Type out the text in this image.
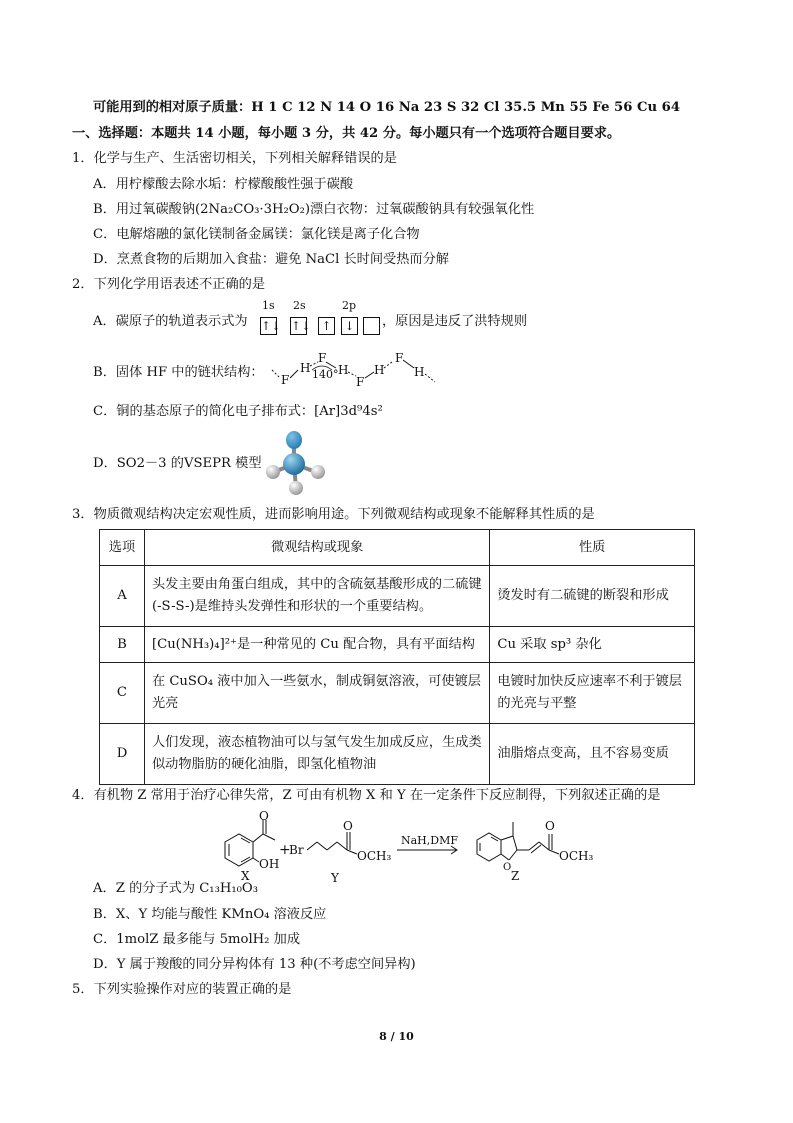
可能用到的相对原子质量：H 1 C 12 N 14 O 16 Na 23 S 32 Cl 35.5 Mn 55 Fe 56 Cu 64
一、选择题：本题共 14 小题，每小题 3 分，共 42 分。每小题只有一个选项符合题目要求。
1．化学与生产、生活密切相关，下列相关解释错误的是
A．用柠檬酸去除水垢：柠檬酸酸性强于碳酸
B．用过氧碳酸钠(2Na₂CO₃·3H₂O₂)漂白衣物：过氧碳酸钠具有较强氧化性
C．电解熔融的氯化镁制备金属镁：氯化镁是离子化合物
D．烹煮食物的后期加入食盐：避免 NaCl 长时间受热而分解
2．下列化学用语表述不正确的是
A．碳原子的轨道表示式为
1s 2s	2p
↑↓ ↑↓ ↑ ↓ ，原因是违反了洪特规则
B．固体 HF 中的链状结构： F
H
F
140° H
F
H
F
H
C．铜的基态原子的简化电子排布式：[Ar]3d⁹4s²
D．SO2－3 的VSEPR 模型
3．物质微观结构决定宏观性质，进而影响用途。下列微观结构或现象不能解释其性质的是
选项	微观结构或现象	性质
A	头发主要由角蛋白组成，其中的含硫氨基酸形成的二硫键(-S-S-)是维持头发弹性和形状的一个重要结构。	烫发时有二硫键的断裂和形成
B	[Cu(NH₃)₄]²⁺是一种常见的 Cu 配合物，具有平面结构	Cu 采取 sp³ 杂化
C	在 CuSO₄ 液中加入一些氨水，制成铜氨溶液，可使镀层光亮	电镀时加快反应速率不利于镀层的光亮与平整
D	人们发现，液态植物油可以与氢气发生加成反应，生成类似动物脂肪的硬化油脂，即氢化植物油	油脂熔点变高，且不容易变质
4．有机物 Z 常用于治疗心律失常，Z 可由有机物 X 和 Y 在一定条件下反应制得，下列叙述正确的是
O
OH
+
Br
O
OCH₃
NaH,DMF
O
O
OCH₃
X	Y	Z
A．Z 的分子式为 C₁₃H₁₀O₃
B．X、Y 均能与酸性 KMnO₄ 溶液反应
C．1molZ 最多能与 5molH₂ 加成
D．Y 属于羧酸的同分异构体有 13 种(不考虑空间异构)
5．下列实验操作对应的装置正确的是
8 / 10
